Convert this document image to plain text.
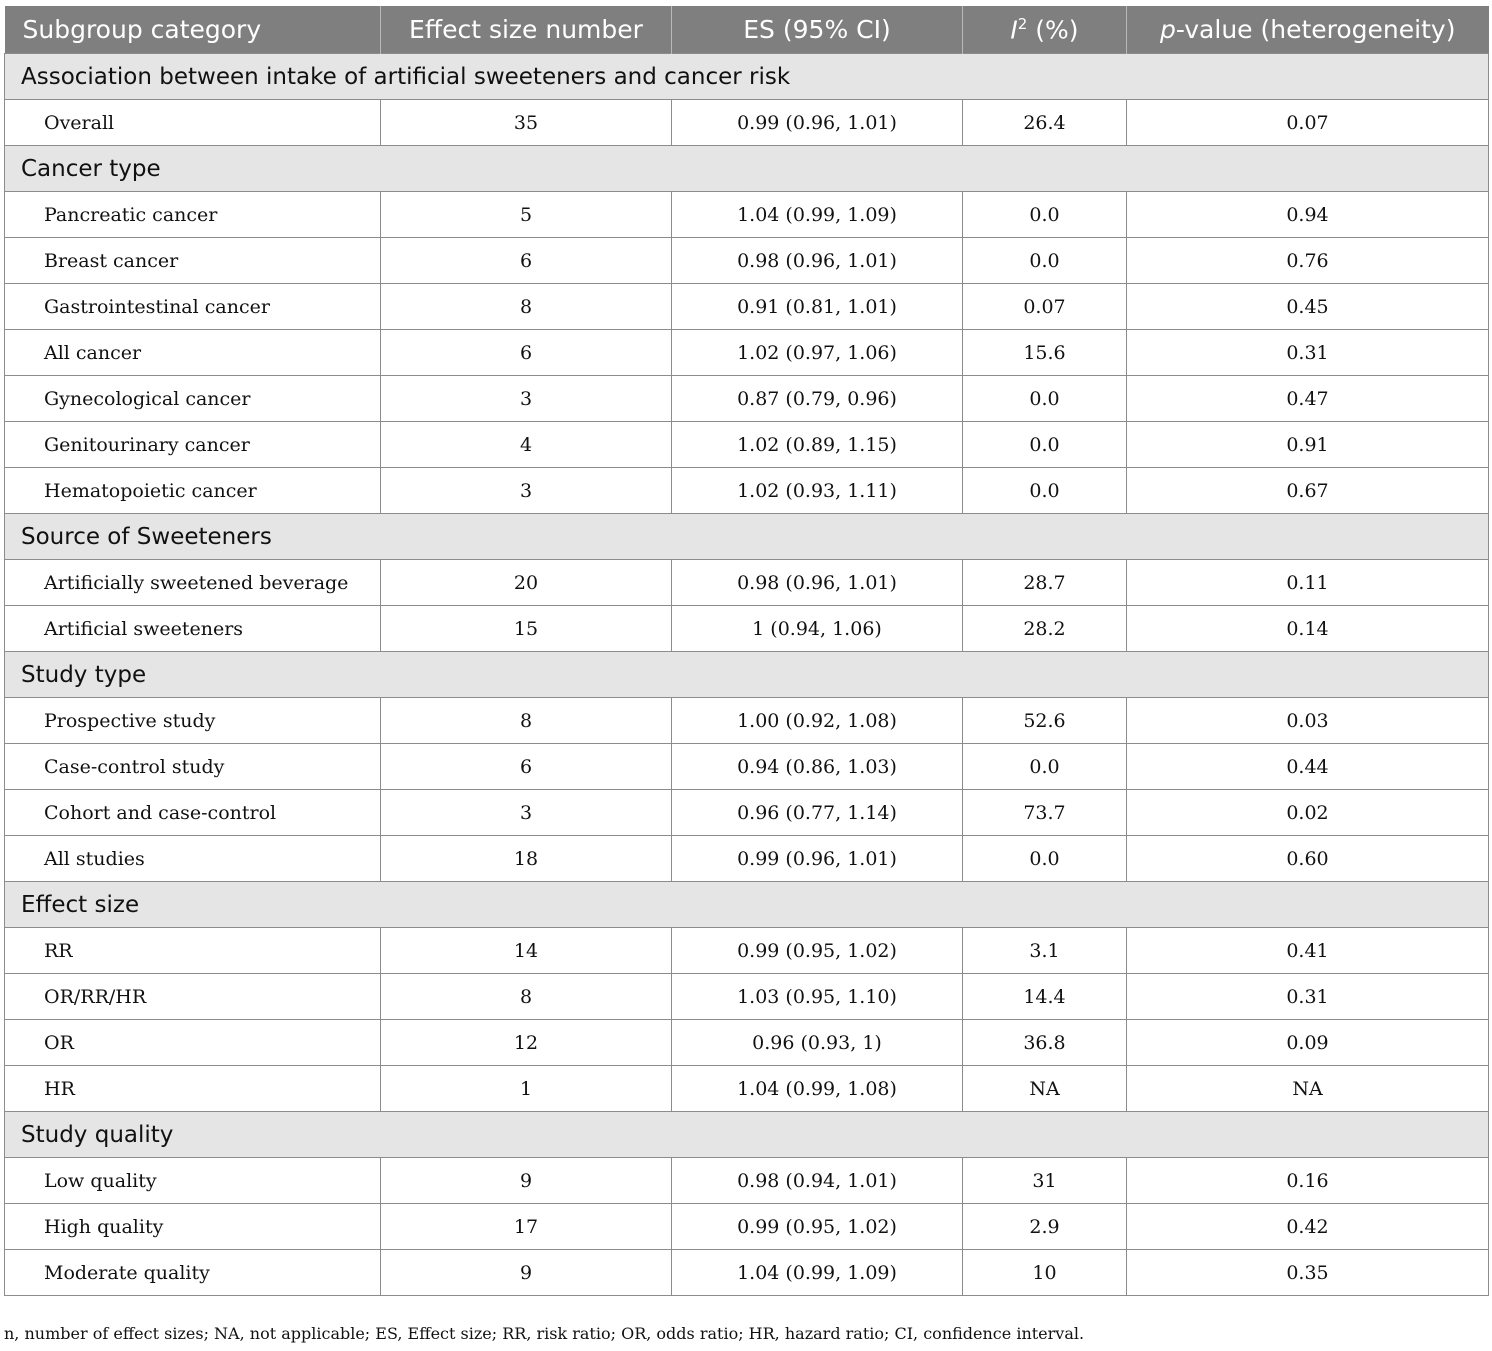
Subgroup category	Effect size number	ES (95% CI)	$I^2$ (%)	p-value (heterogeneity)
Association between intake of artificial sweeteners and cancer risk				
Overall	35	0.99 (0.96, 1.01)	26.4	0.07
Cancer type				
Pancreatic cancer	5	1.04 (0.99, 1.09)	0.0	0.94
Breast cancer	6	0.98 (0.96, 1.01)	0.0	0.76
Gastrointestinal cancer	8	0.91 (0.81, 1.01)	0.07	0.45
All cancer	6	1.02 (0.97, 1.06)	15.6	0.31
Gynecological cancer	3	0.87 (0.79, 0.96)	0.0	0.47
Genitourinary cancer	4	1.02 (0.89, 1.15)	0.0	0.91
Hematopoietic cancer	3	1.02 (0.93, 1.11)	0.0	0.67
Source of Sweeteners				
Artificially sweetened beverage	20	0.98 (0.96, 1.01)	28.7	0.11
Artificial sweeteners	15	1 (0.94, 1.06)	28.2	0.14
Study type				
Prospective study	8	1.00 (0.92, 1.08)	52.6	0.03
Case-control study	6	0.94 (0.86, 1.03)	0.0	0.44
Cohort and case-control	3	0.96 (0.77, 1.14)	73.7	0.02
All studies	18	0.99 (0.96, 1.01)	0.0	0.60
Effect size				
RR	14	0.99 (0.95, 1.02)	3.1	0.41
OR/RR/HR	8	1.03 (0.95, 1.10)	14.4	0.31
OR	12	0.96 (0.93, 1)	36.8	0.09
HR	1	1.04 (0.99, 1.08)	NA	NA
Study quality				
Low quality	9	0.98 (0.94, 1.01)	31	0.16
High quality	17	0.99 (0.95, 1.02)	2.9	0.42
Moderate quality	9	1.04 (0.99, 1.09)	10	0.35
n, number of effect sizes; NA, not applicable; ES, Effect size; RR, risk ratio; OR, odds ratio; HR, hazard ratio; CI, confidence interval.
